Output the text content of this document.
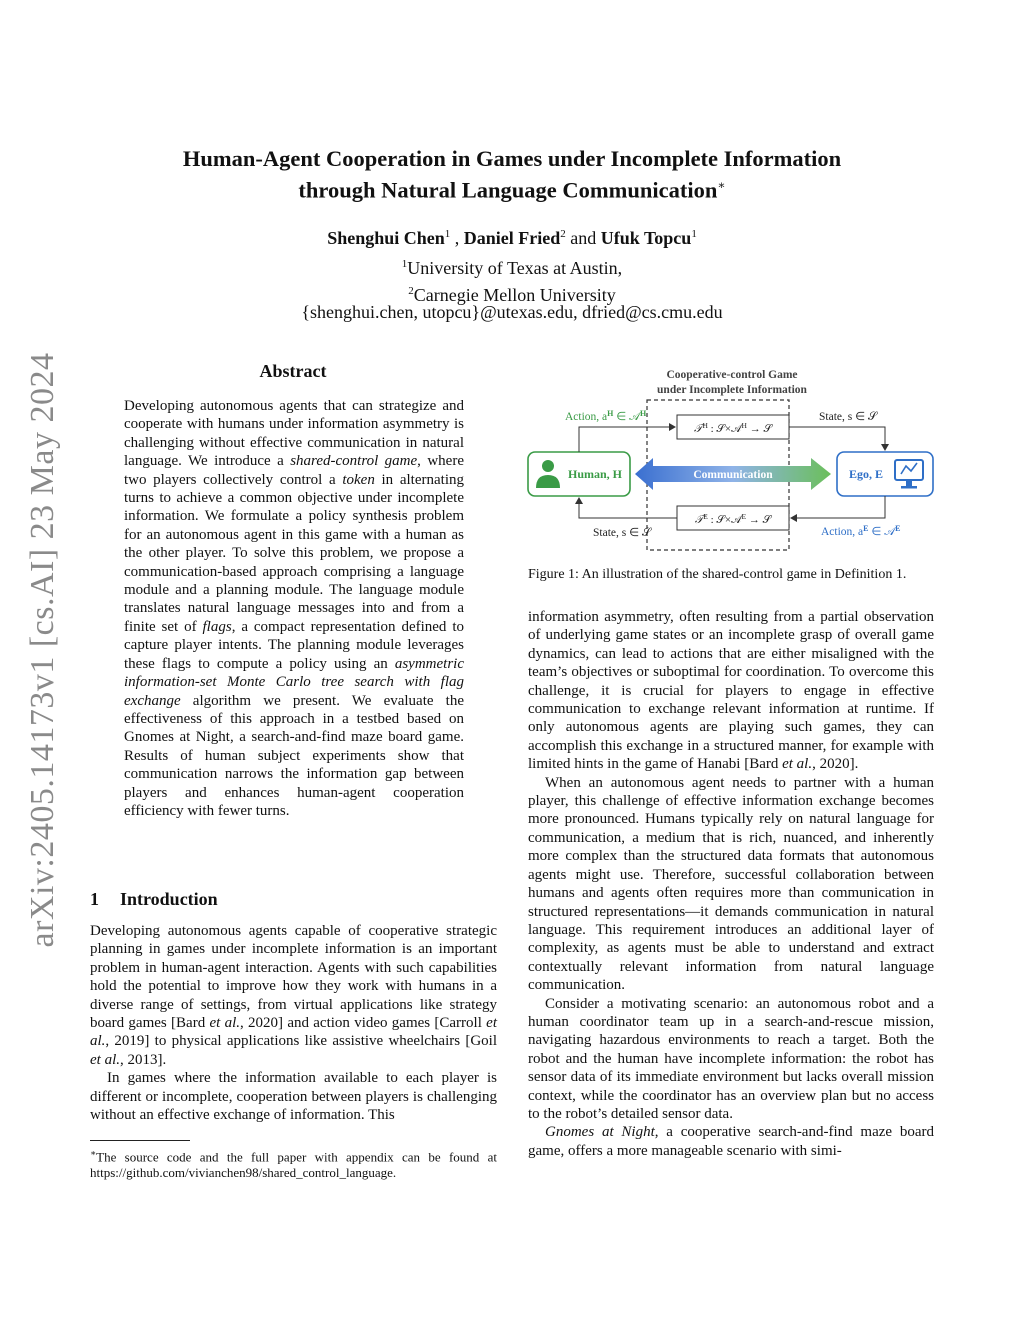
arXiv:2405.14173v1 [cs.AI] 23 May 2024
Human-Agent Cooperation in Games under Incomplete Information
through Natural Language Communication∗
Shenghui Chen$^1$ , Daniel Fried$^2$ and Ufuk Topcu$^1$
$^1$University of Texas at Austin,
$^2$Carnegie Mellon University
{shenghui.chen, utopcu}@utexas.edu, dfried@cs.cmu.edu
Abstract
Developing autonomous agents that can strategize and cooperate with humans under information asymmetry is challenging without effective communication in natural language. We introduce a shared-control game, where two players collectively control a token in alternating turns to achieve a common objective under incomplete information. We formulate a policy synthesis problem for an autonomous agent in this game with a human as the other player. To solve this problem, we propose a communication-based approach comprising a language module and a planning module. The language module translates natural language messages into and from a finite set of flags, a compact representation defined to capture player intents. The planning module leverages these flags to compute a policy using an asymmetric information-set Monte Carlo tree search with flag exchange algorithm we present. We evaluate the effectiveness of this approach in a testbed based on Gnomes at Night, a search-and-find maze board game. Results of human subject experiments show that communication narrows the information gap between players and enhances human-agent cooperation efficiency with fewer turns.
1 Introduction

Developing autonomous agents capable of cooperative strategic planning in games under incomplete information is an important problem in human-agent interaction. Agents with such capabilities hold the potential to improve how they work with humans in a diverse range of settings, from virtual applications like strategy board games [Bard et al., 2020] and action video games [Carroll et al., 2019] to physical applications like assistive wheelchairs [Goil et al., 2013].

In games where the information available to each player is different or incomplete, cooperation between players is challenging without an effective exchange of information. This

∗The source code and the full paper with appendix can be found at https://github.com/vivianchen98/shared_control_language.
Cooperative-control Game
under Incomplete Information
𝒯$^H$ : 𝒮×𝒜$^H$ → 𝒮
𝒯$^E$ : 𝒮×𝒜$^E$ → 𝒮
Human, H	Ego, E
Communication
Action, $a^H$ ∈ 𝒜$^H$	State, s ∈ 𝒮
State, s ∈ 𝒮	Action, $a^E$ ∈ 𝒜$^E$
Figure 1: An illustration of the shared-control game in Definition 1.

information asymmetry, often resulting from a partial observation of underlying game states or an incomplete grasp of overall game dynamics, can lead to actions that are either misaligned with the team’s objectives or suboptimal for coordination. To overcome this challenge, it is crucial for players to engage in effective communication to exchange relevant information at runtime. If only autonomous agents are playing such games, they can accomplish this exchange in a structured manner, for example with limited hints in the game of Hanabi [Bard et al., 2020].

When an autonomous agent needs to partner with a human player, this challenge of effective information exchange becomes more pronounced. Humans typically rely on natural language for communication, a medium that is rich, nuanced, and inherently more complex than the structured data formats that autonomous agents might use. Therefore, successful collaboration between humans and agents often requires more than communication in structured representations—it demands communication in natural language. This requirement introduces an additional layer of complexity, as agents must be able to understand and extract contextually relevant information from natural language communication.

Consider a motivating scenario: an autonomous robot and a human coordinator team up in a search-and-rescue mission, navigating hazardous environments to reach a target. Both the robot and the human have incomplete information: the robot has sensor data of its immediate environment but lacks overall mission context, while the coordinator has an overview plan but no access to the robot’s detailed sensor data.

Gnomes at Night, a cooperative search-and-find maze board game, offers a more manageable scenario with simi-
